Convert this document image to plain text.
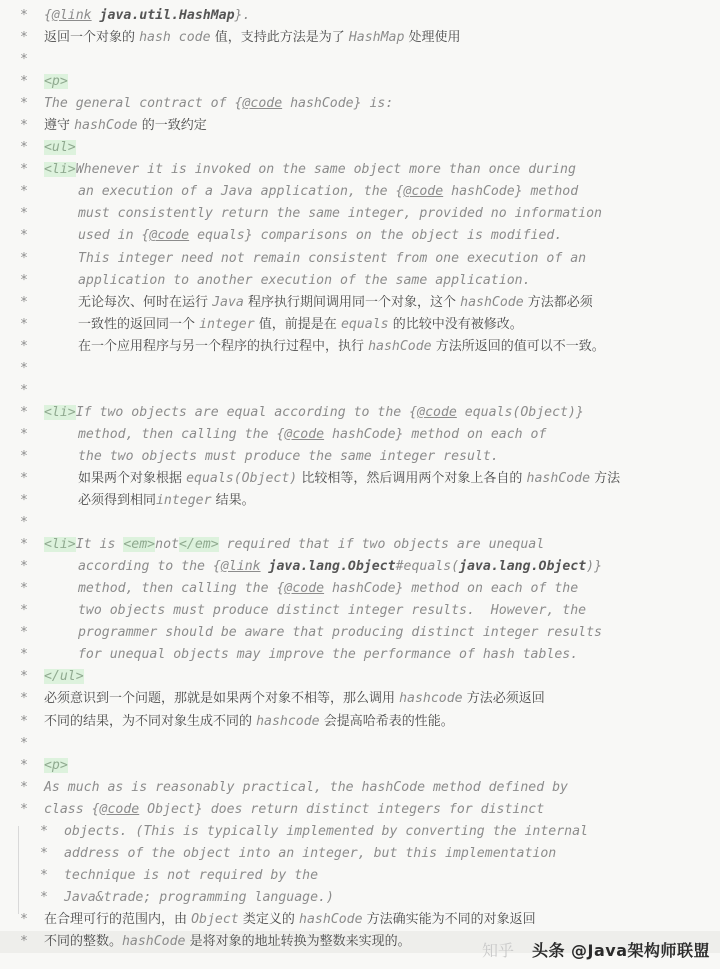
* {@link java.util.HashMap}.
* 返回一个对象的 hash code 值，支持此方法是为了 HashMap 处理使用
*
* <p>
* The general contract of {@code hashCode} is:
* 遵守 hashCode 的一致约定
* <ul>
* <li>Whenever it is invoked on the same object more than once during
*	an execution of a Java application, the {@code hashCode} method
*	must consistently return the same integer, provided no information
*	used in {@code equals} comparisons on the object is modified.
*	This integer need not remain consistent from one execution of an
*	application to another execution of the same application.
*	无论每次、何时在运行 Java 程序执行期间调用同一个对象，这个 hashCode 方法都必须
*	一致性的返回同一个 integer 值，前提是在 equals 的比较中没有被修改。
*	在一个应用程序与另一个程序的执行过程中，执行 hashCode 方法所返回的值可以不一致。
*
*
* <li>If two objects are equal according to the {@code equals(Object)}
*	method, then calling the {@code hashCode} method on each of
*	the two objects must produce the same integer result.
*	如果两个对象根据 equals(Object) 比较相等，然后调用两个对象上各自的 hashCode 方法
*	必须得到相同integer 结果。
*
* <li>It is <em>not</em> required that if two objects are unequal
*	according to the {@link java.lang.Object#equals(java.lang.Object)}
*	method, then calling the {@code hashCode} method on each of the
*	two objects must produce distinct integer results.  However, the
*	programmer should be aware that producing distinct integer results
*	for unequal objects may improve the performance of hash tables.
* </ul>
* 必须意识到一个问题，那就是如果两个对象不相等，那么调用 hashcode 方法必须返回
* 不同的结果，为不同对象生成不同的 hashcode 会提高哈希表的性能。
*
* <p>
* As much as is reasonably practical, the hashCode method defined by
* class {@code Object} does return distinct integers for distinct
* objects. (This is typically implemented by converting the internal
* address of the object into an integer, but this implementation
* technique is not required by the
* Java&trade; programming language.)
* 在合理可行的范围内，由 Object 类定义的 hashCode 方法确实能为不同的对象返回
* 不同的整数。hashCode 是将对象的地址转换为整数来实现的。	知乎 头条 @Java架构师联盟
